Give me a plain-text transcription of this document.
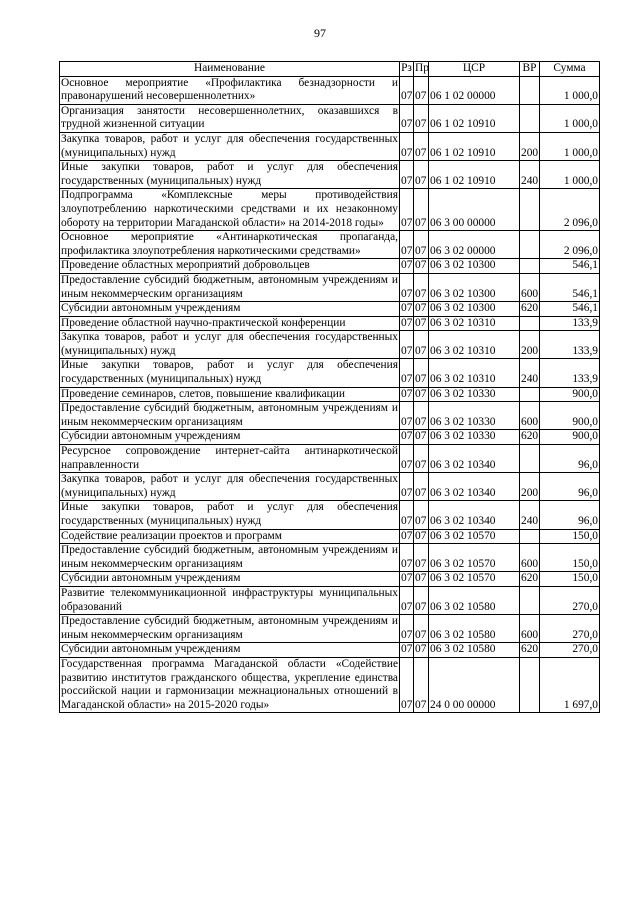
97
Наименование	Рз	Пр	ЦСР	ВР	Сумма
Основное мероприятие «Профилактика безнадзорности и правонарушений несовершеннолетних»	07	07	06 1 02 00000		1 000,0
Организация занятости несовершеннолетних, оказавшихся в трудной жизненной ситуации	07	07	06 1 02 10910		1 000,0
Закупка товаров, работ и услуг для обеспечения государственных (муниципальных) нужд	07	07	06 1 02 10910	200	1 000,0
Иные закупки товаров, работ и услуг для обеспечения государственных (муниципальных) нужд	07	07	06 1 02 10910	240	1 000,0
Подпрограмма «Комплексные меры противодействия злоупотреблению наркотическими средствами и их незаконному обороту на территории Магаданской области» на 2014-2018 годы»	07	07	06 3 00 00000		2 096,0
Основное мероприятие «Антинаркотическая пропаганда, профилактика злоупотребления наркотическими средствами»	07	07	06 3 02 00000		2 096,0
Проведение областных мероприятий добровольцев	07	07	06 3 02 10300		546,1
Предоставление субсидий бюджетным, автономным учреждениям и иным некоммерческим организациям	07	07	06 3 02 10300	600	546,1
Субсидии автономным учреждениям	07	07	06 3 02 10300	620	546,1
Проведение областной научно-практической конференции	07	07	06 3 02 10310		133,9
Закупка товаров, работ и услуг для обеспечения государственных (муниципальных) нужд	07	07	06 3 02 10310	200	133,9
Иные закупки товаров, работ и услуг для обеспечения государственных (муниципальных) нужд	07	07	06 3 02 10310	240	133,9
Проведение семинаров, слетов, повышение квалификации	07	07	06 3 02 10330		900,0
Предоставление субсидий бюджетным, автономным учреждениям и иным некоммерческим организациям	07	07	06 3 02 10330	600	900,0
Субсидии автономным учреждениям	07	07	06 3 02 10330	620	900,0
Ресурсное сопровождение интернет-сайта антинаркотической направленности	07	07	06 3 02 10340		96,0
Закупка товаров, работ и услуг для обеспечения государственных (муниципальных) нужд	07	07	06 3 02 10340	200	96,0
Иные закупки товаров, работ и услуг для обеспечения государственных (муниципальных) нужд	07	07	06 3 02 10340	240	96,0
Содействие реализации проектов и программ	07	07	06 3 02 10570		150,0
Предоставление субсидий бюджетным, автономным учреждениям и иным некоммерческим организациям	07	07	06 3 02 10570	600	150,0
Субсидии автономным учреждениям	07	07	06 3 02 10570	620	150,0
Развитие телекоммуникационной инфраструктуры муниципальных образований	07	07	06 3 02 10580		270,0
Предоставление субсидий бюджетным, автономным учреждениям и иным некоммерческим организациям	07	07	06 3 02 10580	600	270,0
Субсидии автономным учреждениям	07	07	06 3 02 10580	620	270,0
Государственная программа Магаданской области «Содействие развитию институтов гражданского общества, укрепление единства российской нации и гармонизации межнациональных отношений в Магаданской области» на 2015-2020 годы»	07	07	24 0 00 00000		1 697,0
